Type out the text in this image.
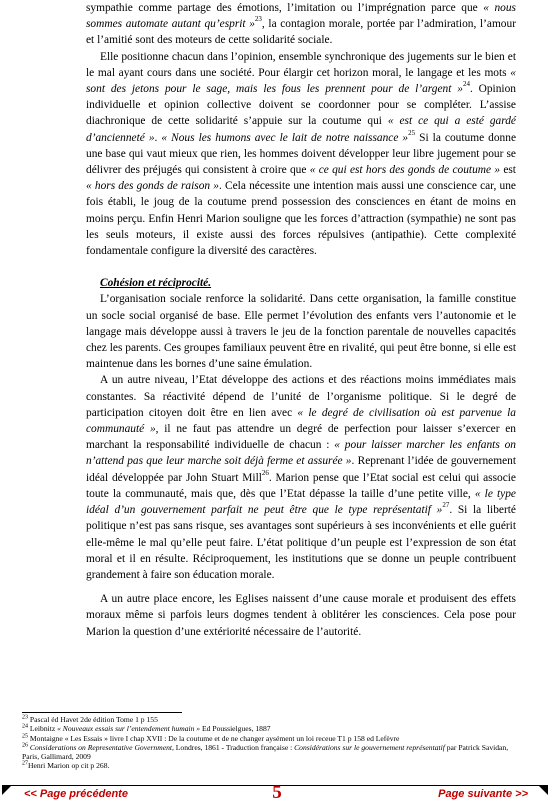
sympathie comme partage des émotions, l’imitation ou l’imprégnation parce que « nous sommes automate autant qu’esprit »$^{23}$, la contagion morale, portée par l’admiration, l’amour et l’amitié sont des moteurs de cette solidarité sociale.

Elle positionne chacun dans l’opinion, ensemble synchronique des jugements sur le bien et le mal ayant cours dans une société. Pour élargir cet horizon moral, le langage et les mots « sont des jetons pour le sage, mais les fous les prennent pour de l’argent »$^{24}$. Opinion individuelle et opinion collective doivent se coordonner pour se compléter. L’assise diachronique de cette solidarité s’appuie sur la coutume qui « est ce qui a esté gardé d’ancienneté ». « Nous les humons avec le lait de notre naissance »$^{25}$ Si la coutume donne une base qui vaut mieux que rien, les hommes doivent développer leur libre jugement pour se délivrer des préjugés qui consistent à croire que « ce qui est hors des gonds de coutume » est « hors des gonds de raison ». Cela nécessite une intention mais aussi une conscience car, une fois établi, le joug de la coutume prend possession des consciences en étant de moins en moins perçu. Enfin Henri Marion souligne que les forces d’attraction (sympathie) ne sont pas les seuls moteurs, il existe aussi des forces répulsives (antipathie). Cette complexité fondamentale configure la diversité des caractères.

Cohésion et réciprocité.

L’organisation sociale renforce la solidarité. Dans cette organisation, la famille constitue un socle social organisé de base. Elle permet l’évolution des enfants vers l’autonomie et le langage mais développe aussi à travers le jeu de la fonction parentale de nouvelles capacités chez les parents. Ces groupes familiaux peuvent être en rivalité, qui peut être bonne, si elle est maintenue dans les bornes d’une saine émulation.

A un autre niveau, l’Etat développe des actions et des réactions moins immédiates mais constantes. Sa réactivité dépend de l’unité de l’organisme politique. Si le degré de participation citoyen doit être en lien avec « le degré de civilisation où est parvenue la communauté », il ne faut pas attendre un degré de perfection pour laisser s’exercer en marchant la responsabilité individuelle de chacun : « pour laisser marcher les enfants on n’attend pas que leur marche soit déjà ferme et assurée ». Reprenant l’idée de gouvernement idéal développée par John Stuart Mill$^{26}$. Marion pense que l’Etat social est celui qui associe toute la communauté, mais que, dès que l’Etat dépasse la taille d’une petite ville, « le type idéal d’un gouvernement parfait ne peut être que le type représentatif »$^{27}$. Si la liberté politique n’est pas sans risque, ses avantages sont supérieurs à ses inconvénients et elle guérit elle-même le mal qu’elle peut faire. L’état politique d’un peuple est l’expression de son état moral et il en résulte. Réciproquement, les institutions que se donne un peuple contribuent grandement à faire son éducation morale.

A un autre place encore, les Eglises naissent d’une cause morale et produisent des effets moraux même si parfois leurs dogmes tendent à oblitérer les consciences. Cela pose pour Marion la question d’une extériorité nécessaire de l’autorité.

$^{23}$ Pascal éd Havet 2de édition Tome 1 p 155
$^{24}$ Leibnitz « Nouveaux essais sur l’entendement humain » Ed Poussielgues, 1887
$^{25}$ Montaigne « Les Essais » livre I chap XVII : De la coutume et de ne changer aysément un loi receue T1 p 158 ed Lefèvre
$^{26}$ Considerations on Representative Government, Londres, 1861 - Traduction française : Considérations sur le gouvernement représentatif par Patrick Savidan, Paris, Gallimard, 2009
$^{27}$Henri Marion op cit p 268.
<< Page précédente	5	Page suivante >>
